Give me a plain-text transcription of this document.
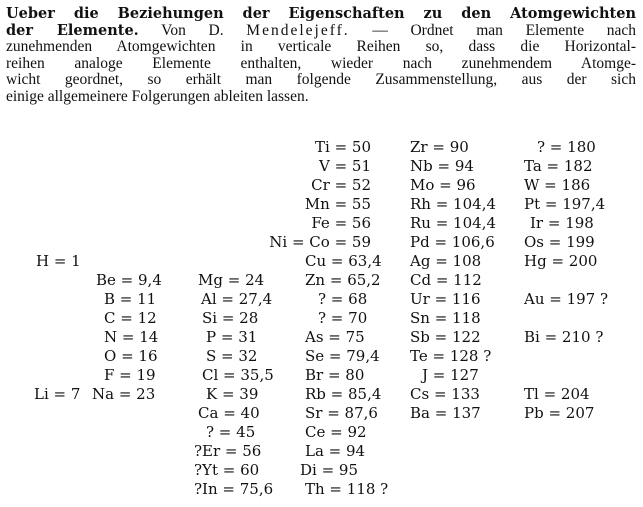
Ueber die Beziehungen der Eigenschaften zu den Atomgewichten
der Elemente. Von D. Mendelejeff. — Ordnet man Elemente nach
zunehmenden Atomgewichten in verticale Reihen so, dass die Horizontal-
reihen analoge Elemente enthalten, wieder nach zunehmendem Atomge-
wicht geordnet, so erhält man folgende Zusammenstellung, aus der sich
einige allgemeinere Folgerungen ableiten lassen.
Ti = 50
V = 51
Cr = 52
Mn = 55
Fe = 56
Ni = Co = 59
Cu = 63,4
Zn = 65,2
? = 68
? = 70
As = 75
Se = 79,4
Br = 80
Rb = 85,4
Sr = 87,6
Ce = 92
La = 94
Di = 95
Th = 118 ?
Zr = 90
Nb = 94
Mo = 96
Rh = 104,4
Ru = 104,4
Pd = 106,6
Ag = 108
Cd = 112
Ur = 116
Sn = 118
Sb = 122
Te = 128 ?
J = 127
Cs = 133
Ba = 137
? = 180
Ta = 182
W = 186
Pt = 197,4
Ir = 198
Os = 199
Hg = 200
Au = 197 ?
Bi = 210 ?
Tl = 204
Pb = 207
Mg = 24
Al = 27,4
Si = 28
P = 31
S = 32
Cl = 35,5
K = 39
Ca = 40
? = 45
?Er = 56
?Yt = 60
?In = 75,6
Be = 9,4
B = 11
C = 12
N = 14
O = 16
F = 19
Na = 23
H = 1
Li = 7
